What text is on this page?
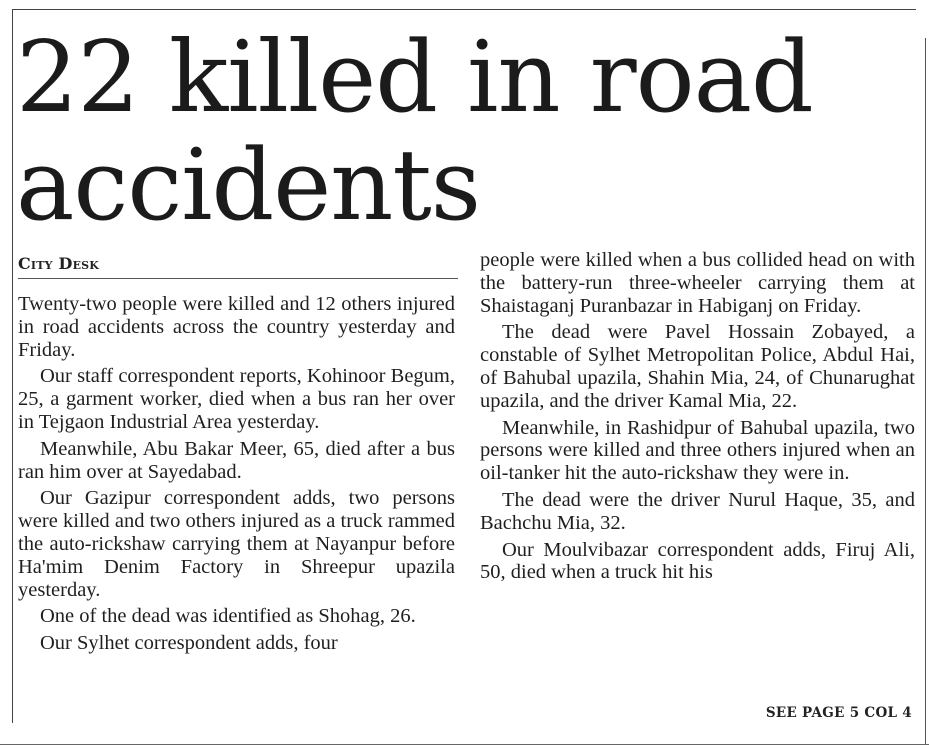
22 killed in road accidents
City Desk

Twenty-two people were killed and 12 others injured in road accidents across the country yesterday and Friday.

Our staff correspondent reports, Kohinoor Begum, 25, a garment worker, died when a bus ran her over in Tejgaon Industrial Area yesterday.

Meanwhile, Abu Bakar Meer, 65, died after a bus ran him over at Sayedabad.

Our Gazipur correspondent adds, two persons were killed and two others injured as a truck rammed the auto-rickshaw carrying them at Nayanpur before Ha'mim Denim Factory in Shreepur upazila yesterday.

One of the dead was identified as Shohag, 26.

Our Sylhet correspondent adds, four

people were killed when a bus collided head on with the battery-run three-wheeler carrying them at Shaistaganj Puranbazar in Habiganj on Friday.

The dead were Pavel Hossain Zobayed, a constable of Sylhet Metropolitan Police, Abdul Hai, of Bahubal upazila, Shahin Mia, 24, of Chunarughat upazila, and the driver Kamal Mia, 22.

Meanwhile, in Rashidpur of Bahubal upazila, two persons were killed and three others injured when an oil-tanker hit the auto-rickshaw they were in.

The dead were the driver Nurul Haque, 35, and Bachchu Mia, 32.

Our Moulvibazar correspondent adds, Firuj Ali, 50, died when a truck hit his

SEE PAGE 5 COL 4
